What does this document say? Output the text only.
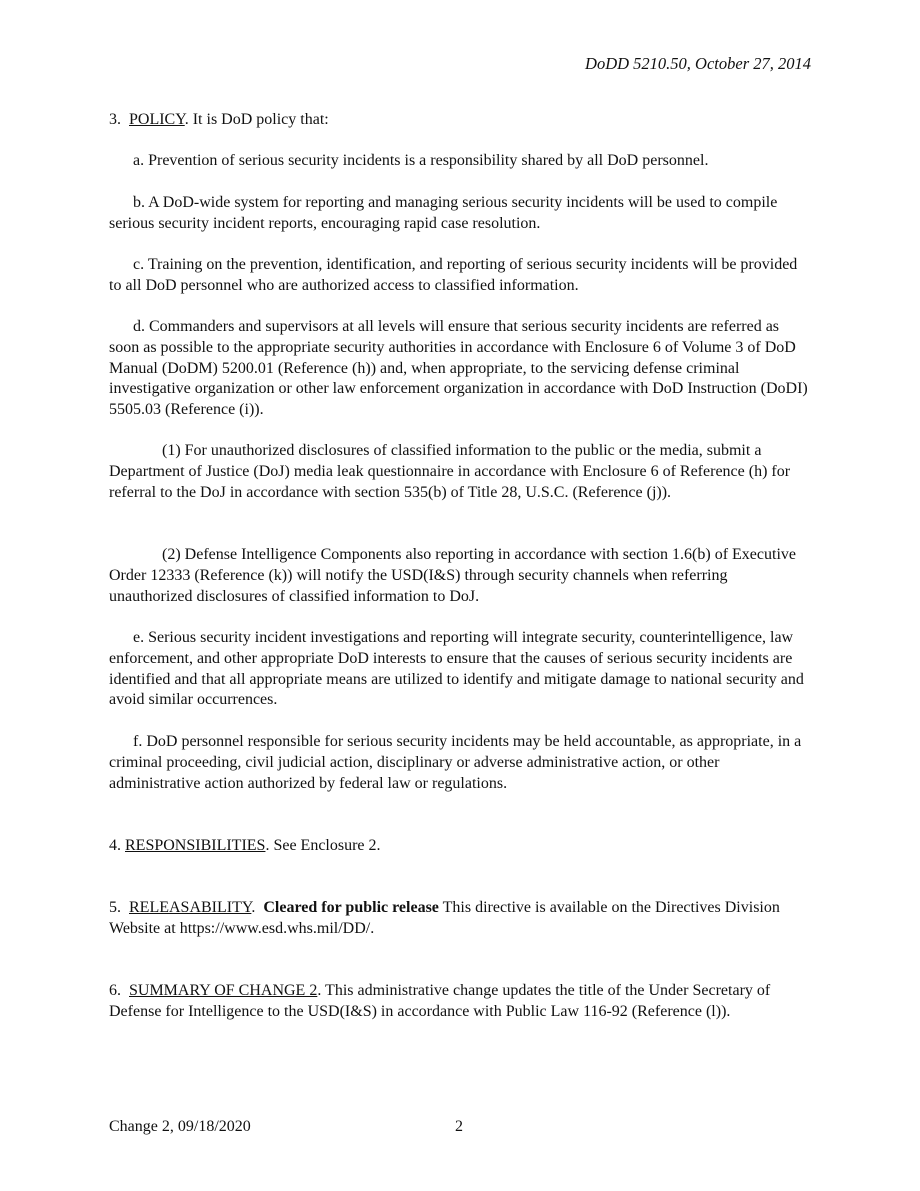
DoDD 5210.50, October 27, 2014

3. POLICY. It is DoD policy that:

a. Prevention of serious security incidents is a responsibility shared by all DoD personnel.

b. A DoD-wide system for reporting and managing serious security incidents will be used to compile serious security incident reports, encouraging rapid case resolution.

c. Training on the prevention, identification, and reporting of serious security incidents will be provided to all DoD personnel who are authorized access to classified information.

d. Commanders and supervisors at all levels will ensure that serious security incidents are referred as soon as possible to the appropriate security authorities in accordance with Enclosure 6 of Volume 3 of DoD Manual (DoDM) 5200.01 (Reference (h)) and, when appropriate, to the servicing defense criminal investigative organization or other law enforcement organization in accordance with DoD Instruction (DoDI) 5505.03 (Reference (i)).

(1) For unauthorized disclosures of classified information to the public or the media, submit a Department of Justice (DoJ) media leak questionnaire in accordance with Enclosure 6 of Reference (h) for referral to the DoJ in accordance with section 535(b) of Title 28, U.S.C. (Reference (j)).

(2) Defense Intelligence Components also reporting in accordance with section 1.6(b) of Executive Order 12333 (Reference (k)) will notify the USD(I&S) through security channels when referring unauthorized disclosures of classified information to DoJ.

e. Serious security incident investigations and reporting will integrate security, counterintelligence, law enforcement, and other appropriate DoD interests to ensure that the causes of serious security incidents are identified and that all appropriate means are utilized to identify and mitigate damage to national security and avoid similar occurrences.

f. DoD personnel responsible for serious security incidents may be held accountable, as appropriate, in a criminal proceeding, civil judicial action, disciplinary or adverse administrative action, or other administrative action authorized by federal law or regulations.

4. RESPONSIBILITIES. See Enclosure 2.

5. RELEASABILITY.  Cleared for public release This directive is available on the Directives Division Website at https://www.esd.whs.mil/DD/.

6. SUMMARY OF CHANGE 2. This administrative change updates the title of the Under Secretary of Defense for Intelligence to the USD(I&S) in accordance with Public Law 116-92 (Reference (l)).

Change 2, 09/18/2020	2
